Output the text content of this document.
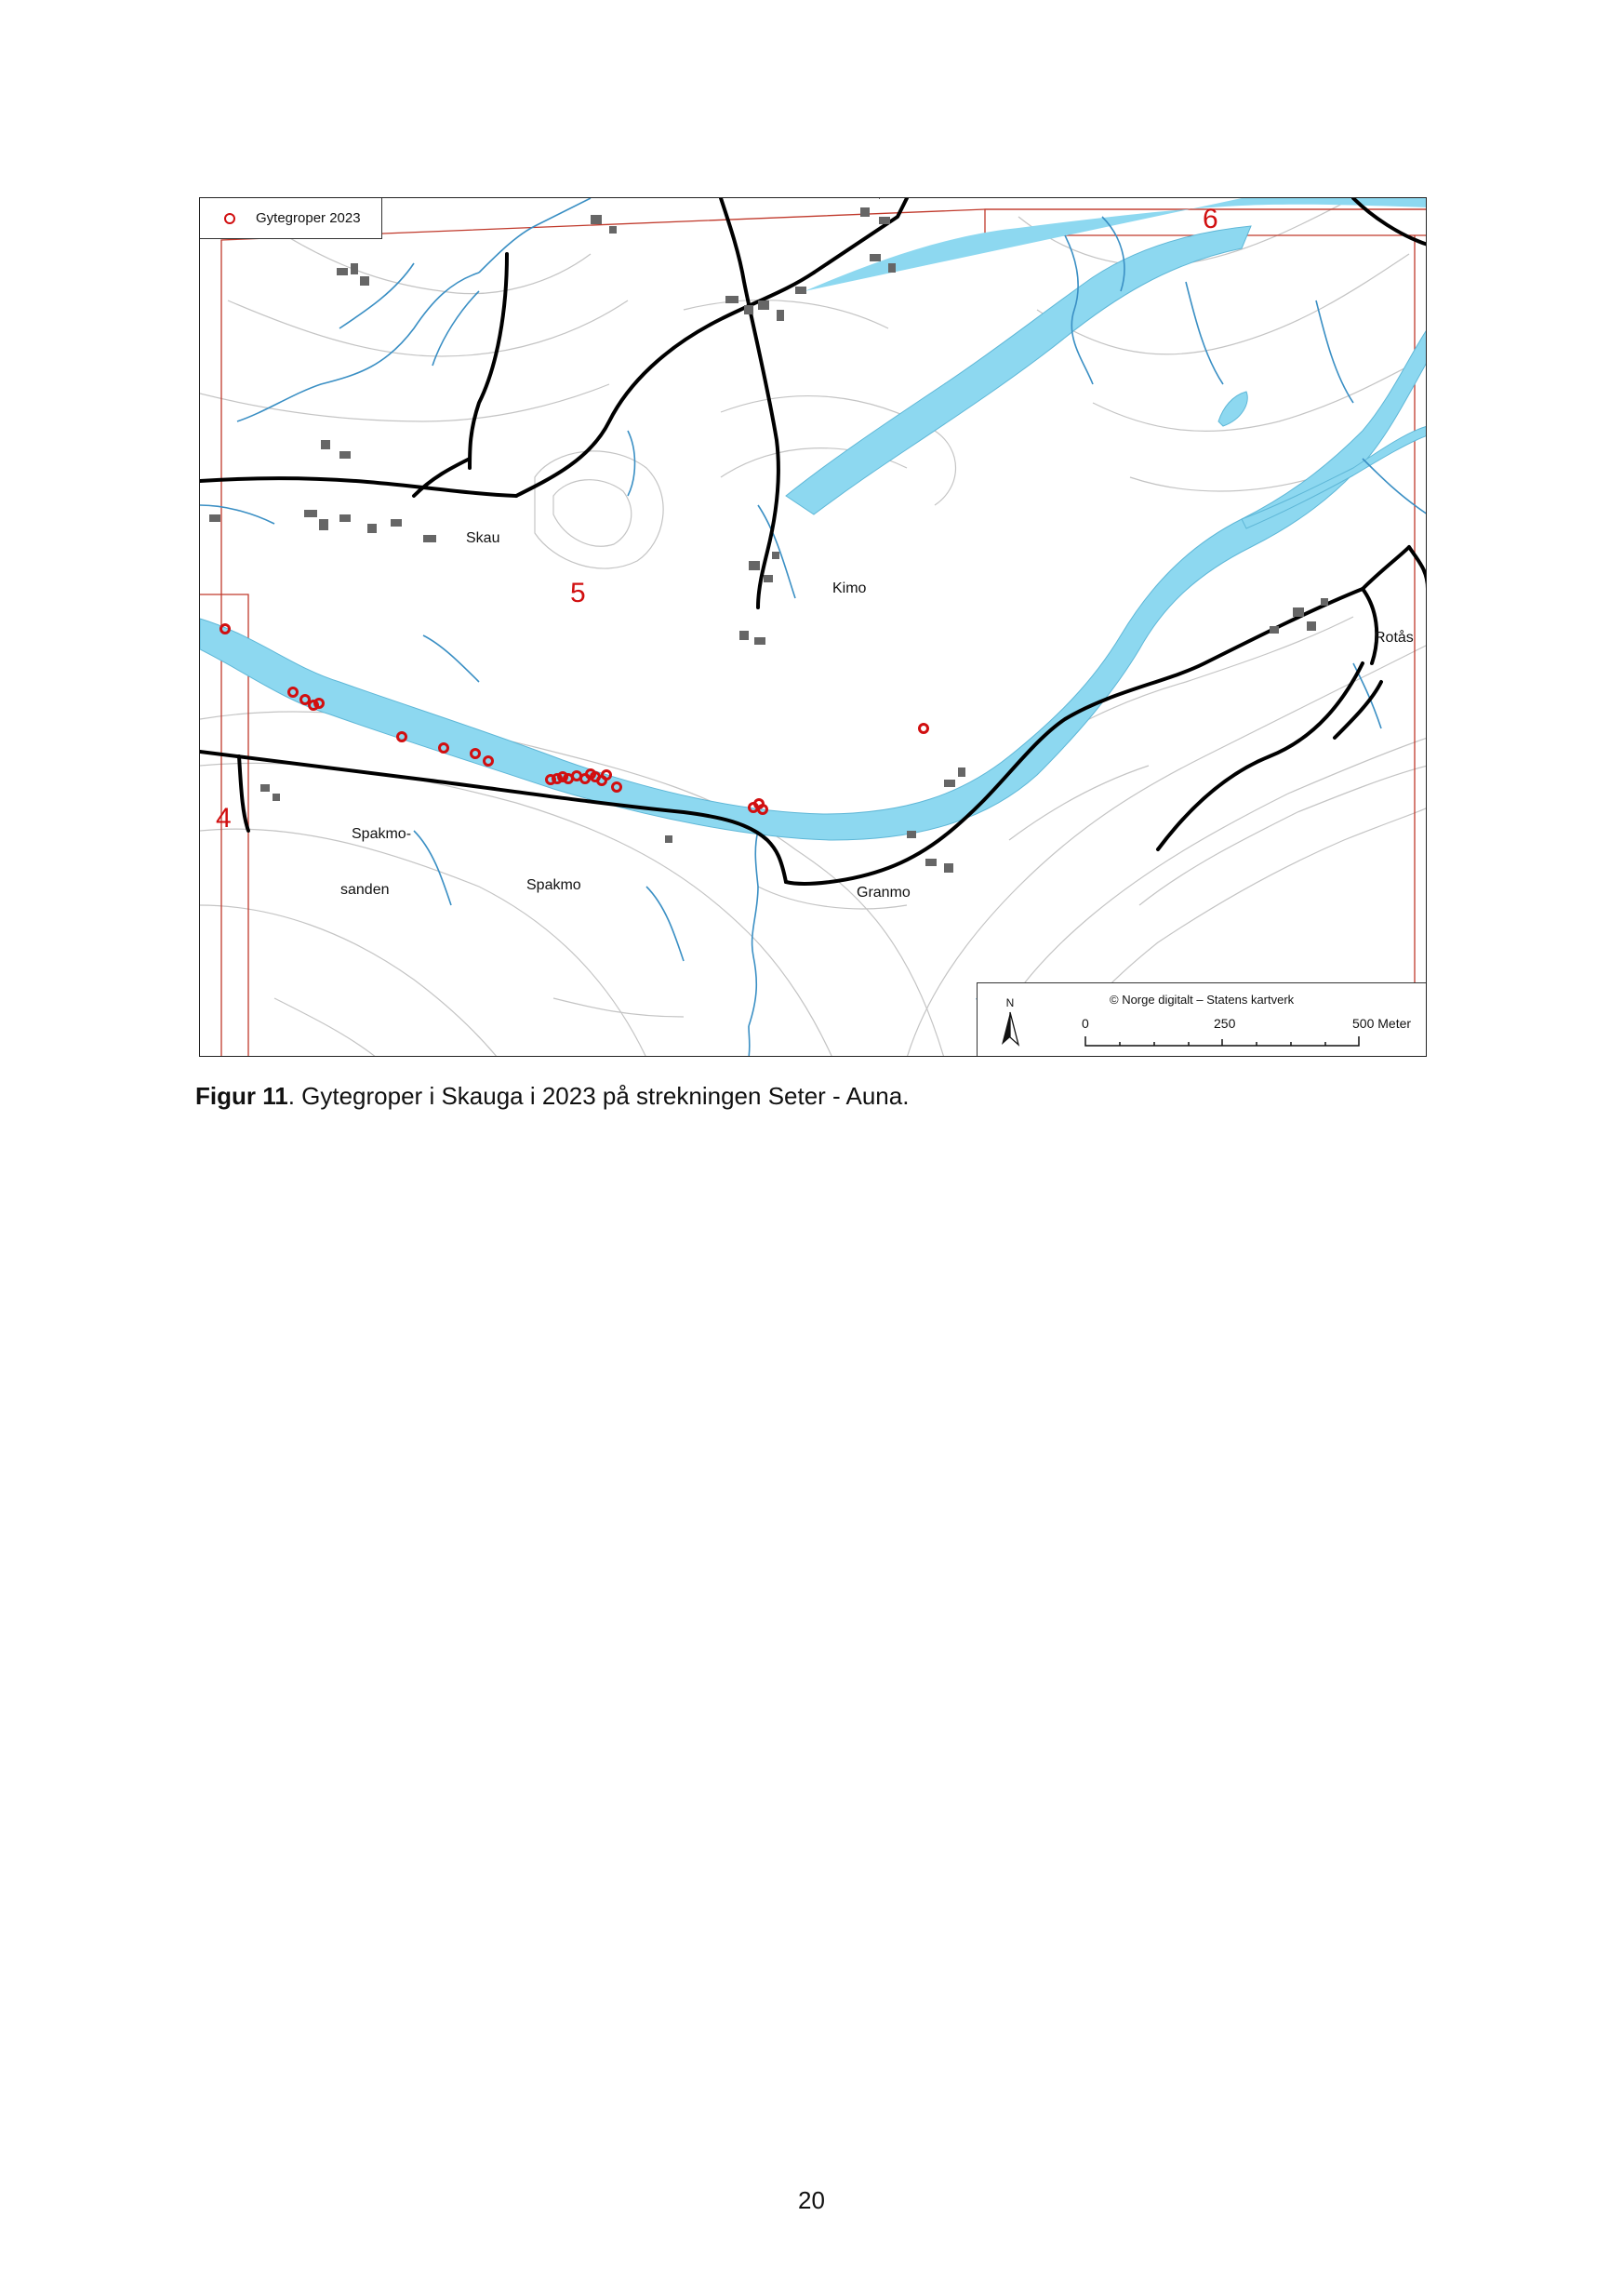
Gytegroper 2023
4
5
6
Skau
Kimo
Rotås
Spakmo-
sanden	Spakmo	Granmo
N	© Norge digitalt – Statens kartverk
0	250	500 Meter
Figur 11. Gytegroper i Skauga i 2023 på strekningen Seter - Auna.
20
